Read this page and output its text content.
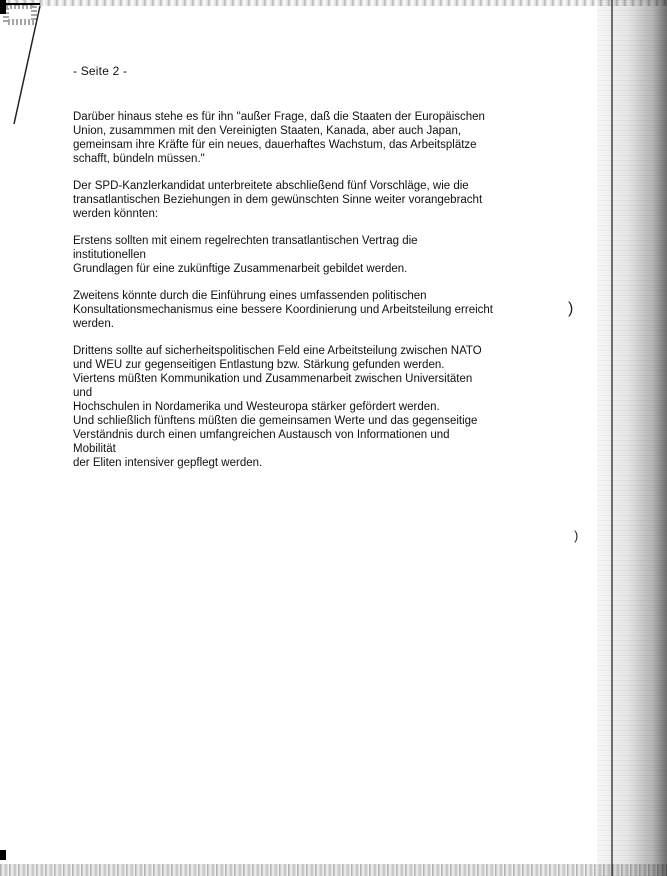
- Seite 2 -

Darüber hinaus stehe es für ihn "außer Frage, daß die Staaten der Europäischen
Union, zusammmen mit den Vereinigten Staaten, Kanada, aber auch Japan,
gemeinsam ihre Kräfte für ein neues, dauerhaftes Wachstum, das Arbeitsplätze
schafft, bündeln müssen."

Der SPD-Kanzlerkandidat unterbreitete abschließend fünf Vorschläge, wie die
transatlantischen Beziehungen in dem gewünschten Sinne weiter vorangebracht
werden könnten:

Erstens sollten mit einem regelrechten transatlantischen Vertrag die institutionellen
Grundlagen für eine zukünftige Zusammenarbeit gebildet werden.

Zweitens könnte durch die Einführung eines umfassenden politischen
Konsultationsmechanismus eine bessere Koordinierung und Arbeitsteilung erreicht
werden.

Drittens sollte auf sicherheitspolitischen Feld eine Arbeitsteilung zwischen NATO
und WEU zur gegenseitigen Entlastung bzw. Stärkung gefunden werden.
Viertens müßten Kommunikation und Zusammenarbeit zwischen Universitäten und
Hochschulen in Nordamerika und Westeuropa stärker gefördert werden.
Und schließlich fünftens müßten die gemeinsamen Werte und das gegenseitige
Verständnis durch einen umfangreichen Austausch von Informationen und Mobilität
der Eliten intensiver gepflegt werden.

)
)
